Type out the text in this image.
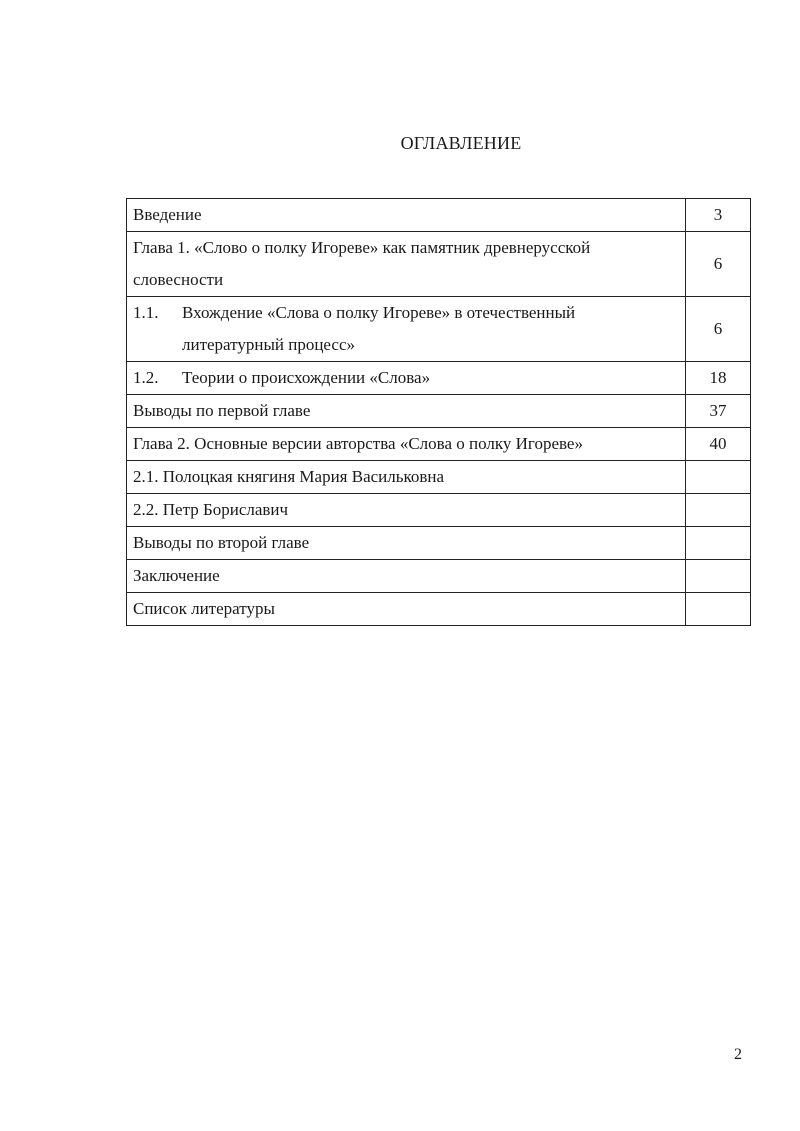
ОГЛАВЛЕНИЕ
Введение	3
Глава 1. «Слово о полку Игореве» как памятник древнерусской словесности	6

1.1. Вхождение «Слова о полку Игореве» в отечественный литературный процесс»	6

1.2. Теории о происхождении «Слова»	18
Выводы по первой главе	37
Глава 2. Основные версии авторства «Слова о полку Игореве»	40
2.1. Полоцкая княгиня Мария Васильковна	
2.2. Петр Бориславич	
Выводы по второй главе	
Заключение	
Список литературы	
2
